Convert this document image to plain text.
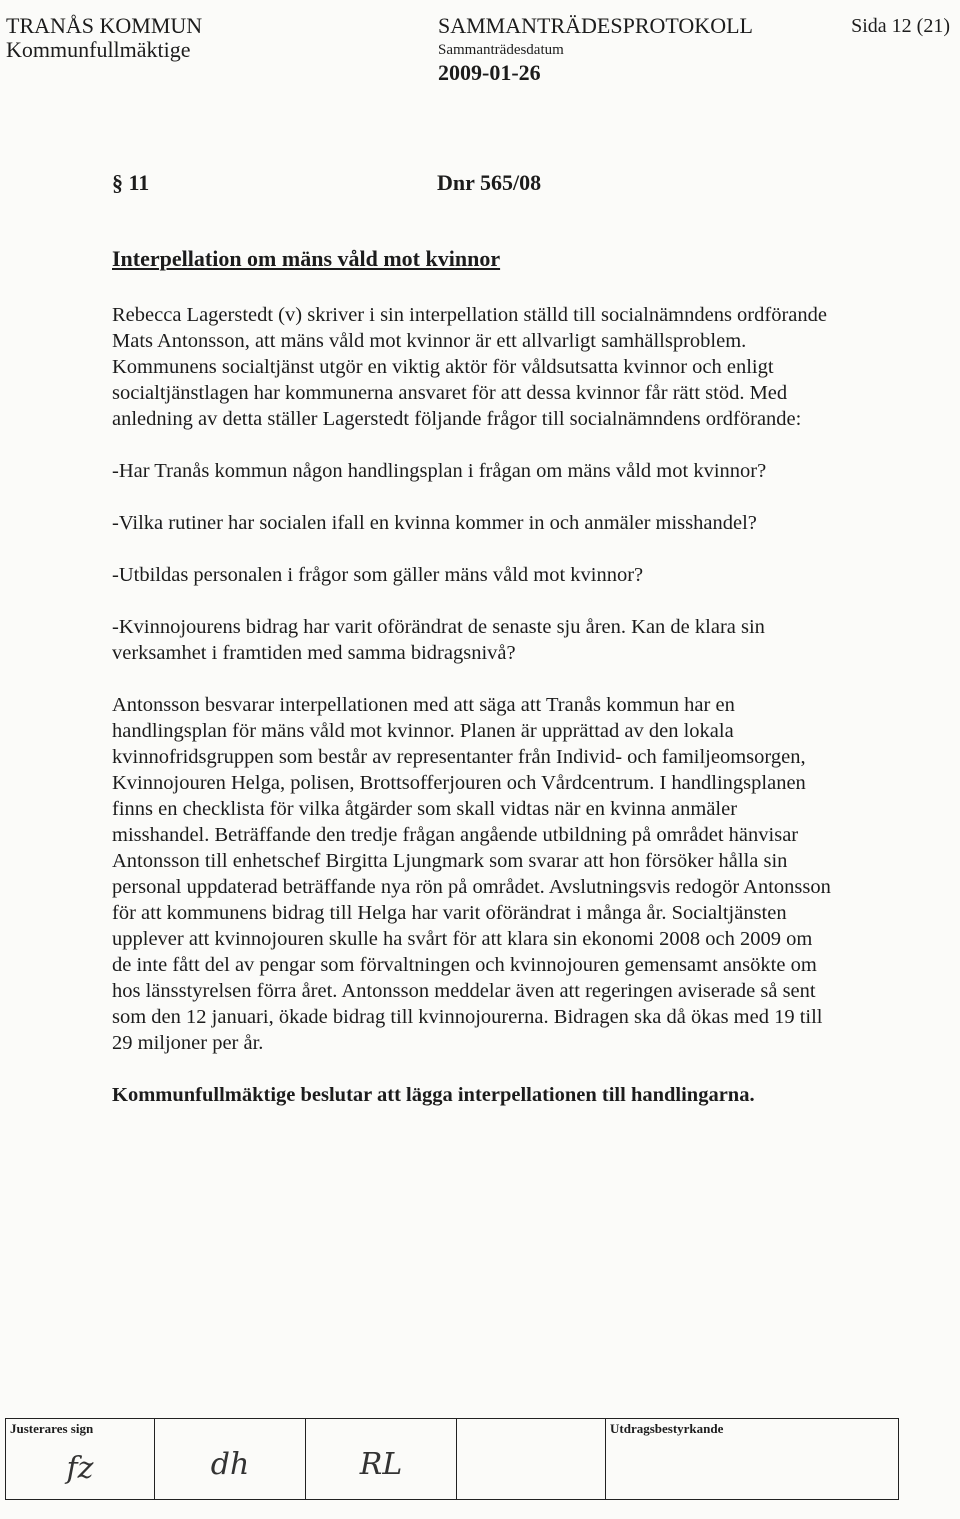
TRANÅS KOMMUN
Kommunfullmäktige
SAMMANTRÄDESPROTOKOLL
Sammanträdesdatum
2009-01-26
Sida 12 (21)
§ 11	Dnr 565/08
Interpellation om mäns våld mot kvinnor

Rebecca Lagerstedt (v) skriver i sin interpellation ställd till socialnämndens ordförande Mats Antonsson, att mäns våld mot kvinnor är ett allvarligt samhällsproblem. Kommunens socialtjänst utgör en viktig aktör för våldsutsatta kvinnor och enligt socialtjänstlagen har kommunerna ansvaret för att dessa kvinnor får rätt stöd. Med anledning av detta ställer Lagerstedt följande frågor till socialnämndens ordförande:

-Har Tranås kommun någon handlingsplan i frågan om mäns våld mot kvinnor?

-Vilka rutiner har socialen ifall en kvinna kommer in och anmäler misshandel?

-Utbildas personalen i frågor som gäller mäns våld mot kvinnor?

-Kvinnojourens bidrag har varit oförändrat de senaste sju åren. Kan de klara sin verksamhet i framtiden med samma bidragsnivå?

Antonsson besvarar interpellationen med att säga att Tranås kommun har en handlingsplan för mäns våld mot kvinnor. Planen är upprättad av den lokala kvinnofridsgruppen som består av representanter från Individ- och familjeomsorgen, Kvinnojouren Helga, polisen, Brottsofferjouren och Vårdcentrum. I handlingsplanen finns en checklista för vilka åtgärder som skall vidtas när en kvinna anmäler misshandel. Beträffande den tredje frågan angående utbildning på området hänvisar Antonsson till enhetschef Birgitta Ljungmark som svarar att hon försöker hålla sin personal uppdaterad beträffande nya rön på området. Avslutningsvis redogör Antonsson för att kommunens bidrag till Helga har varit oförändrat i många år. Socialtjänsten upplever att kvinnojouren skulle ha svårt för att klara sin ekonomi 2008 och 2009 om de inte fått del av pengar som förvaltningen och kvinnojouren gemensamt ansökte om hos länsstyrelsen förra året. Antonsson meddelar även att regeringen aviserade så sent som den 12 januari, ökade bidrag till kvinnojourerna. Bidragen ska då ökas med 19 till 29 miljoner per år.

Kommunfullmäktige beslutar att lägga interpellationen till handlingarna.

Justerares sign
fz	dh	RL
		Utdragsbestyrkande
